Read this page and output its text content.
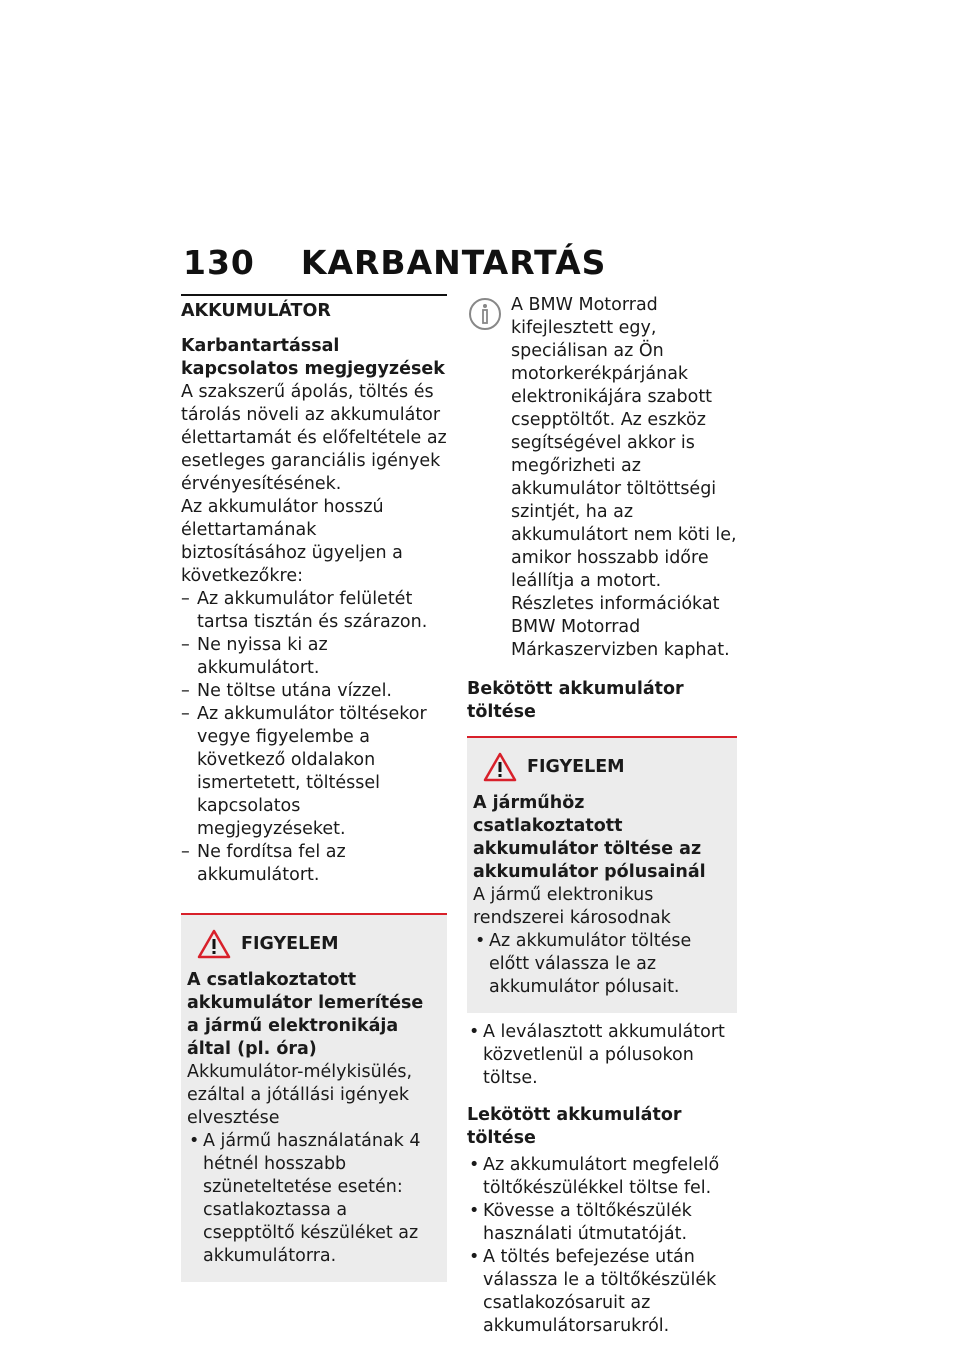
130 KARBANTARTÁS
AKKUMULÁTOR
Karbantartással kapcsolatos megjegyzések

A szakszerű ápolás, töltés és tárolás növeli az akkumulátor élettartamát és előfeltétele az esetleges garanciális igények érvényesítésének.

Az akkumulátor hosszú élettartamának biztosításához ügyeljen a következőkre:

– Az akkumulátor felületét tartsa tisztán és szárazon.
– Ne nyissa ki az akkumulátort.
– Ne töltse utána vízzel.
– Az akkumulátor töltésekor vegye figyelembe a következő oldalakon ismertetett, töltéssel kapcsolatos megjegyzéseket.
– Ne fordítsa fel az akkumulátort.
FIGYELEM
A csatlakoztatott akkumulátor lemerítése a jármű elektronikája által (pl. óra)

Akkumulátor-mélykisülés, ezáltal a jótállási igények elvesztése

• A jármű használatának 4 hétnél hosszabb szüneteltetése esetén: csatlakoztassa a csepptöltő készüléket az akkumulátorra.

A BMW Motorrad kifejlesztett egy, speciálisan az Ön motorkerékpárjának elektronikájára szabott csepptöltőt. Az eszköz segítségével akkor is megőrizheti az akkumulátor töltöttségi szintjét, ha az akkumulátort nem köti le, amikor hosszabb időre leállítja a motort. Részletes információkat BMW Motorrad Márkaszervizben kaphat.

Bekötött akkumulátor töltése
FIGYELEM
A járműhöz csatlakoztatott akkumulátor töltése az akkumulátor pólusainál

A jármű elektronikus rendszerei károsodnak

• Az akkumulátor töltése előtt válassza le az akkumulátor pólusait.
• A leválasztott akkumulátort közvetlenül a pólusokon töltse.
Lekötött akkumulátor töltése
• Az akkumulátort megfelelő töltőkészülékkel töltse fel.
• Kövesse a töltőkészülék használati útmutatóját.
• A töltés befejezése után válassza le a töltőkészülék csatlakozósaruit az akkumulátorsarukról.
